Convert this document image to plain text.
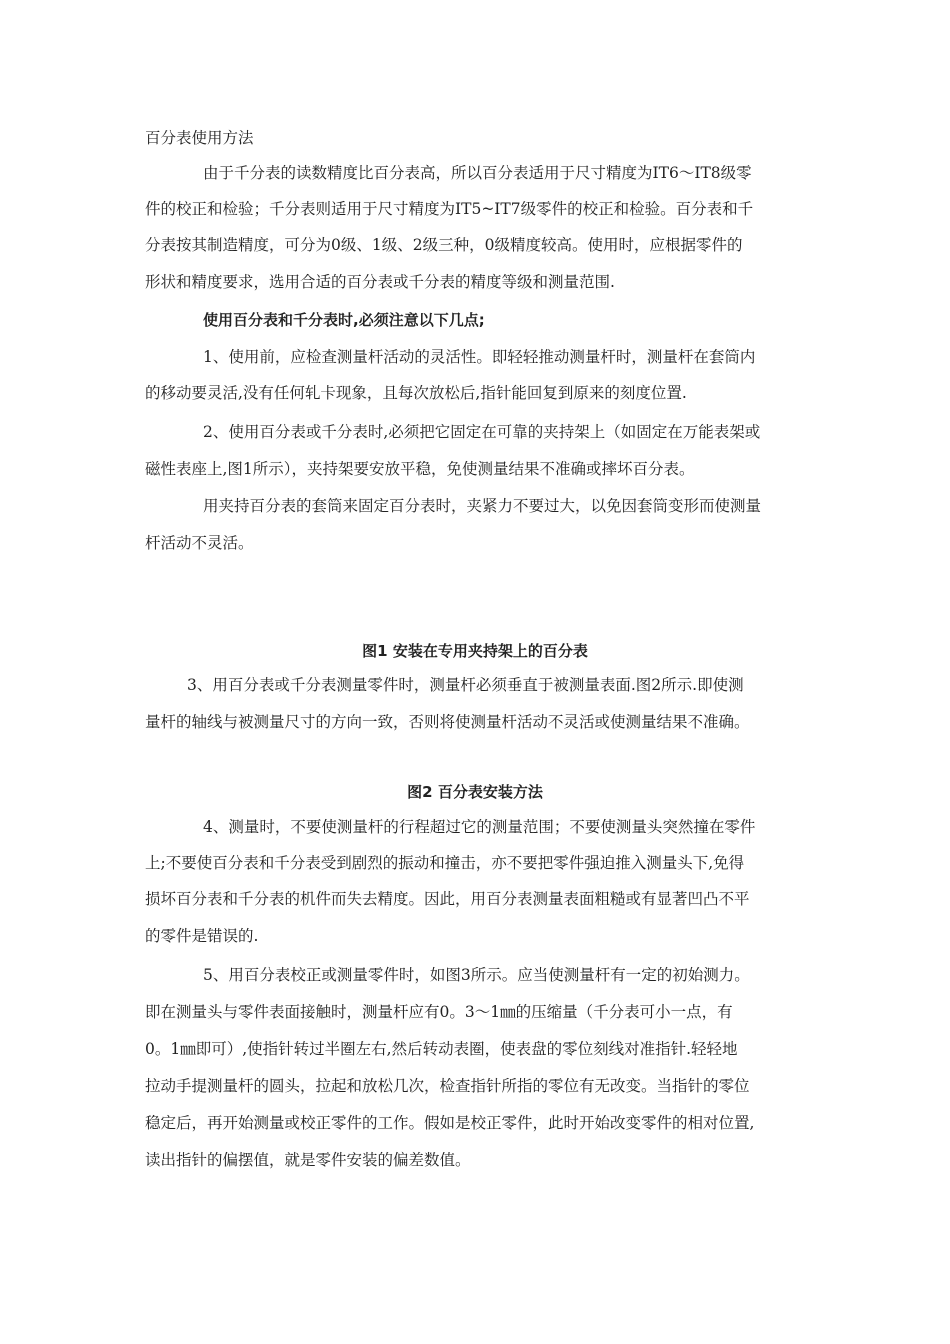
百分表使用方法
由于千分表的读数精度比百分表高，所以百分表适用于尺寸精度为IT6～IT8级零
件的校正和检验；千分表则适用于尺寸精度为IT5~IT7级零件的校正和检验。百分表和千
分表按其制造精度，可分为0级、1级、2级三种，0级精度较高。使用时，应根据零件的
形状和精度要求，选用合适的百分表或千分表的精度等级和测量范围.
使用百分表和千分表时,必须注意以下几点;
1、使用前，应检查测量杆活动的灵活性。即轻轻推动测量杆时，测量杆在套筒内
的移动要灵活,没有任何轧卡现象，且每次放松后,指针能回复到原来的刻度位置.
2、使用百分表或千分表时,必须把它固定在可靠的夹持架上（如固定在万能表架或
磁性表座上,图1所示），夹持架要安放平稳，免使测量结果不准确或摔坏百分表。
用夹持百分表的套筒来固定百分表时，夹紧力不要过大，以免因套筒变形而使测量
杆活动不灵活。
图1 安装在专用夹持架上的百分表
3、用百分表或千分表测量零件时，测量杆必须垂直于被测量表面.图2所示.即使测
量杆的轴线与被测量尺寸的方向一致，否则将使测量杆活动不灵活或使测量结果不准确。
图2 百分表安装方法
4、测量时，不要使测量杆的行程超过它的测量范围；不要使测量头突然撞在零件
上;不要使百分表和千分表受到剧烈的振动和撞击，亦不要把零件强迫推入测量头下,免得
损坏百分表和千分表的机件而失去精度。因此，用百分表测量表面粗糙或有显著凹凸不平
的零件是错误的.
5、用百分表校正或测量零件时，如图3所示。应当使测量杆有一定的初始测力。
即在测量头与零件表面接触时，测量杆应有0。3～1㎜的压缩量（千分表可小一点，有
0。1㎜即可）,使指针转过半圈左右,然后转动表圈，使表盘的零位刻线对准指针.轻轻地
拉动手提测量杆的圆头，拉起和放松几次，检查指针所指的零位有无改变。当指针的零位
稳定后，再开始测量或校正零件的工作。假如是校正零件，此时开始改变零件的相对位置,
读出指针的偏摆值，就是零件安装的偏差数值。
